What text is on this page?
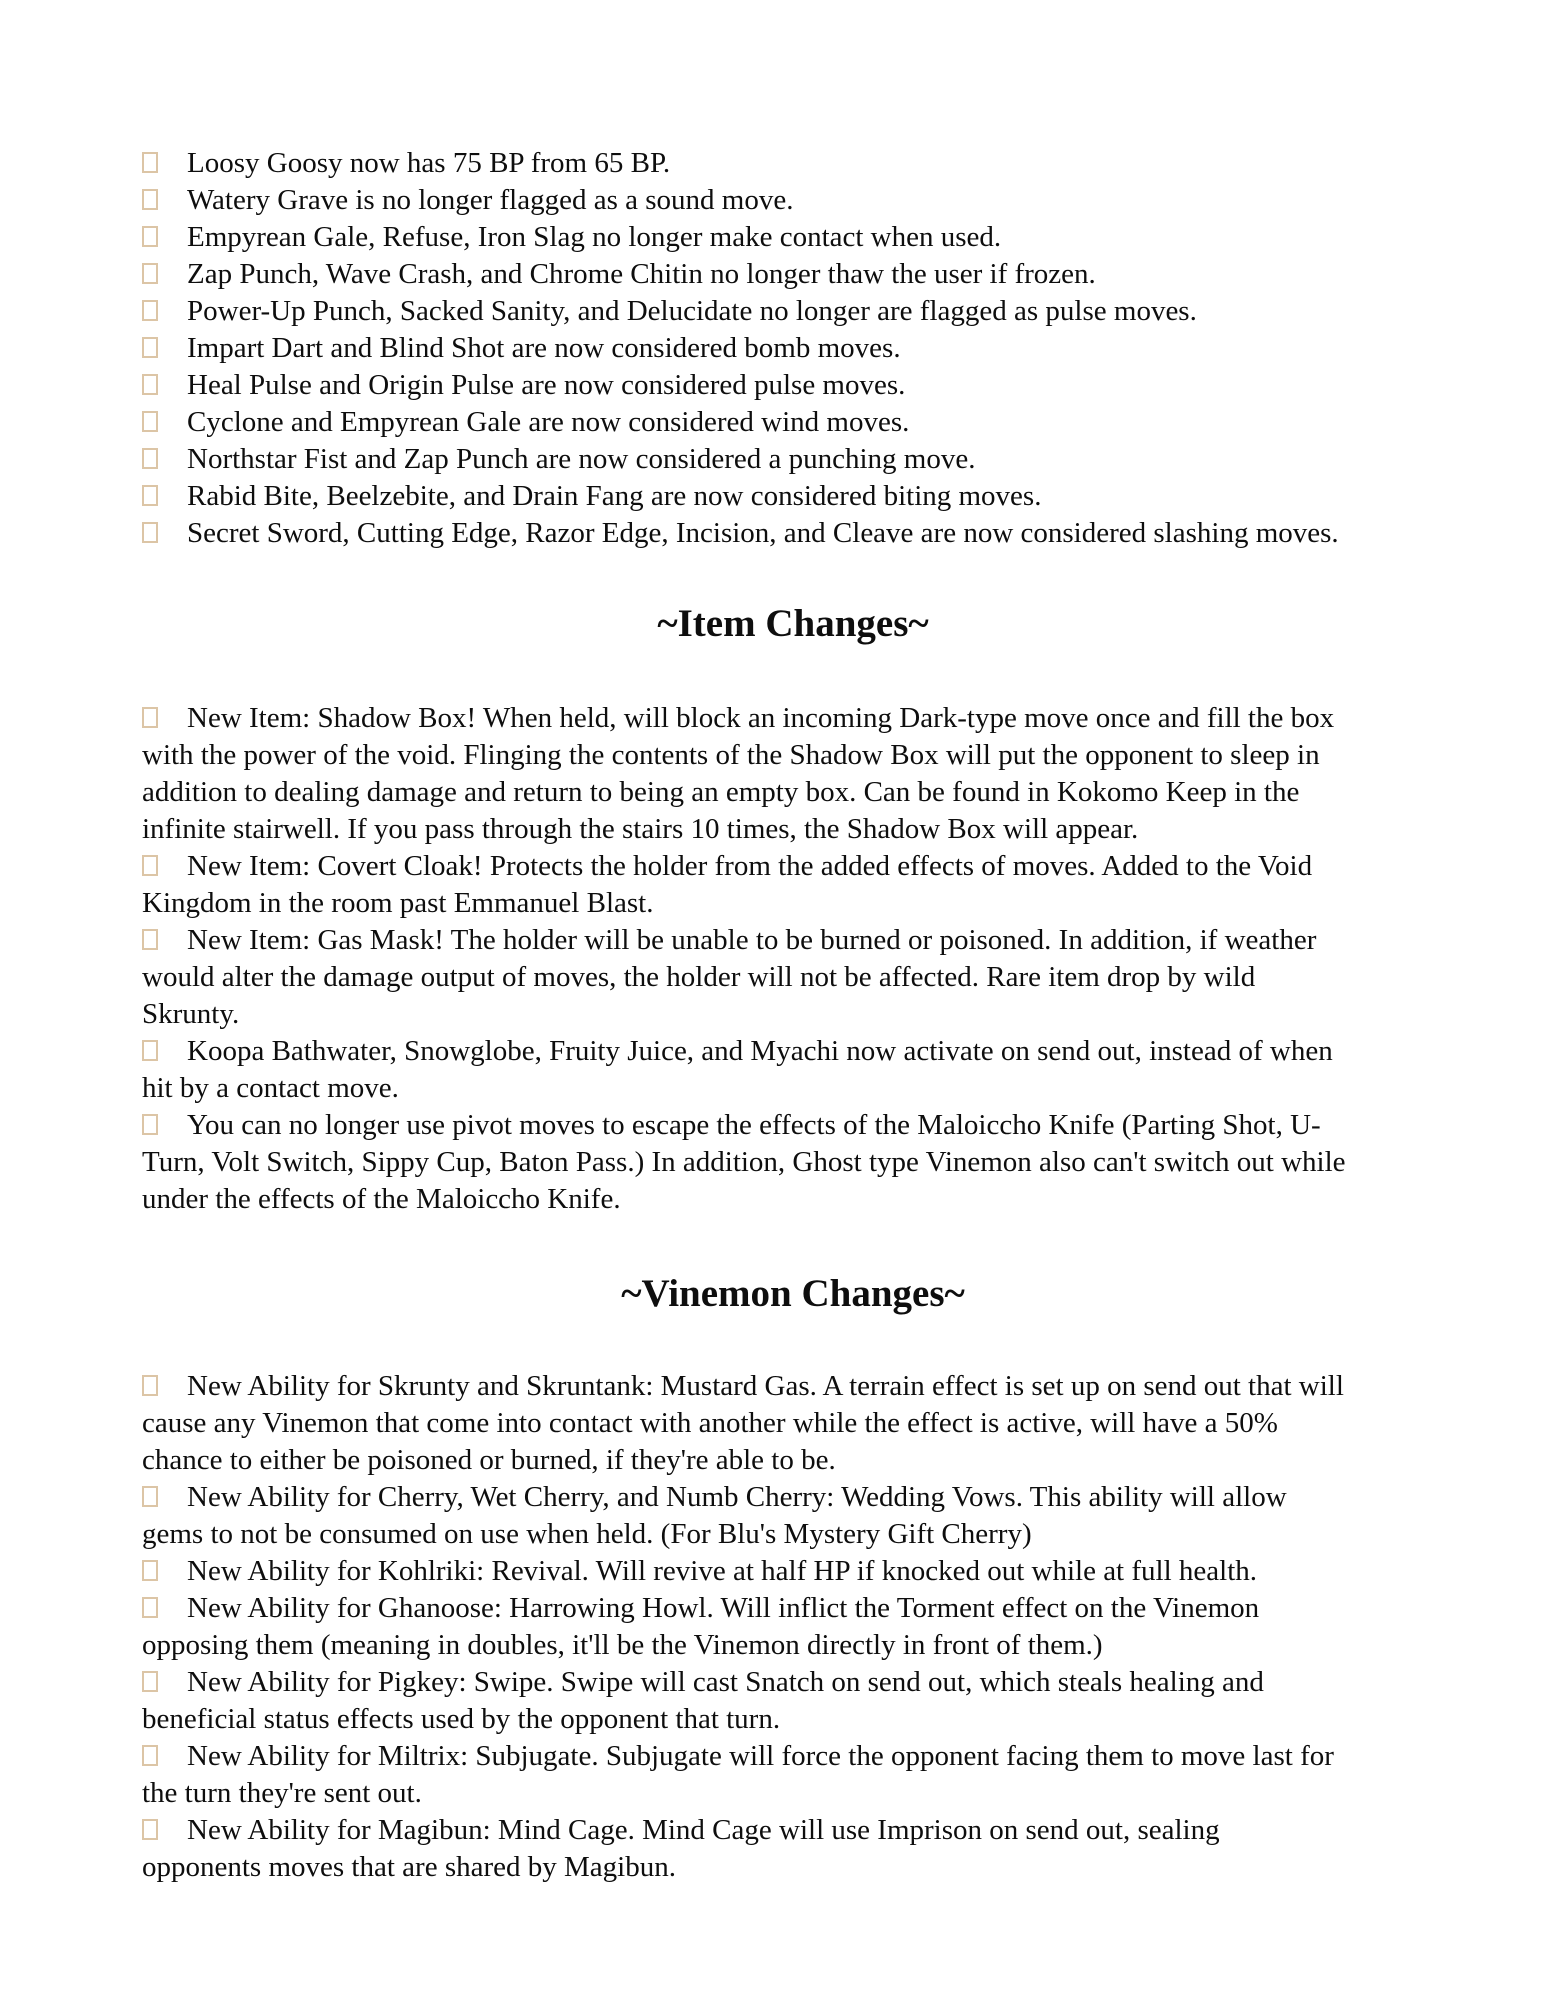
Loosy Goosy now has 75 BP from 65 BP.
Watery Grave is no longer flagged as a sound move.
Empyrean Gale, Refuse, Iron Slag no longer make contact when used.
Zap Punch, Wave Crash, and Chrome Chitin no longer thaw the user if frozen.
Power-Up Punch, Sacked Sanity, and Delucidate no longer are flagged as pulse moves.
Impart Dart and Blind Shot are now considered bomb moves.
Heal Pulse and Origin Pulse are now considered pulse moves.
Cyclone and Empyrean Gale are now considered wind moves.
Northstar Fist and Zap Punch are now considered a punching move.
Rabid Bite, Beelzebite, and Drain Fang are now considered biting moves.
Secret Sword, Cutting Edge, Razor Edge, Incision, and Cleave are now considered slashing moves.
~Item Changes~
New Item: Shadow Box! When held, will block an incoming Dark-type move once and fill the box
with the power of the void. Flinging the contents of the Shadow Box will put the opponent to sleep in
addition to dealing damage and return to being an empty box. Can be found in Kokomo Keep in the
infinite stairwell. If you pass through the stairs 10 times, the Shadow Box will appear.
New Item: Covert Cloak! Protects the holder from the added effects of moves. Added to the Void
Kingdom in the room past Emmanuel Blast.
New Item: Gas Mask! The holder will be unable to be burned or poisoned. In addition, if weather
would alter the damage output of moves, the holder will not be affected. Rare item drop by wild
Skrunty.
Koopa Bathwater, Snowglobe, Fruity Juice, and Myachi now activate on send out, instead of when
hit by a contact move.
You can no longer use pivot moves to escape the effects of the Maloiccho Knife (Parting Shot, U-
Turn, Volt Switch, Sippy Cup, Baton Pass.) In addition, Ghost type Vinemon also can't switch out while
under the effects of the Maloiccho Knife.
~Vinemon Changes~
New Ability for Skrunty and Skruntank: Mustard Gas. A terrain effect is set up on send out that will
cause any Vinemon that come into contact with another while the effect is active, will have a 50%
chance to either be poisoned or burned, if they're able to be.
New Ability for Cherry, Wet Cherry, and Numb Cherry: Wedding Vows. This ability will allow
gems to not be consumed on use when held. (For Blu's Mystery Gift Cherry)
New Ability for Kohlriki: Revival. Will revive at half HP if knocked out while at full health.
New Ability for Ghanoose: Harrowing Howl. Will inflict the Torment effect on the Vinemon
opposing them (meaning in doubles, it'll be the Vinemon directly in front of them.)
New Ability for Pigkey: Swipe. Swipe will cast Snatch on send out, which steals healing and
beneficial status effects used by the opponent that turn.
New Ability for Miltrix: Subjugate. Subjugate will force the opponent facing them to move last for
the turn they're sent out.
New Ability for Magibun: Mind Cage. Mind Cage will use Imprison on send out, sealing
opponents moves that are shared by Magibun.
